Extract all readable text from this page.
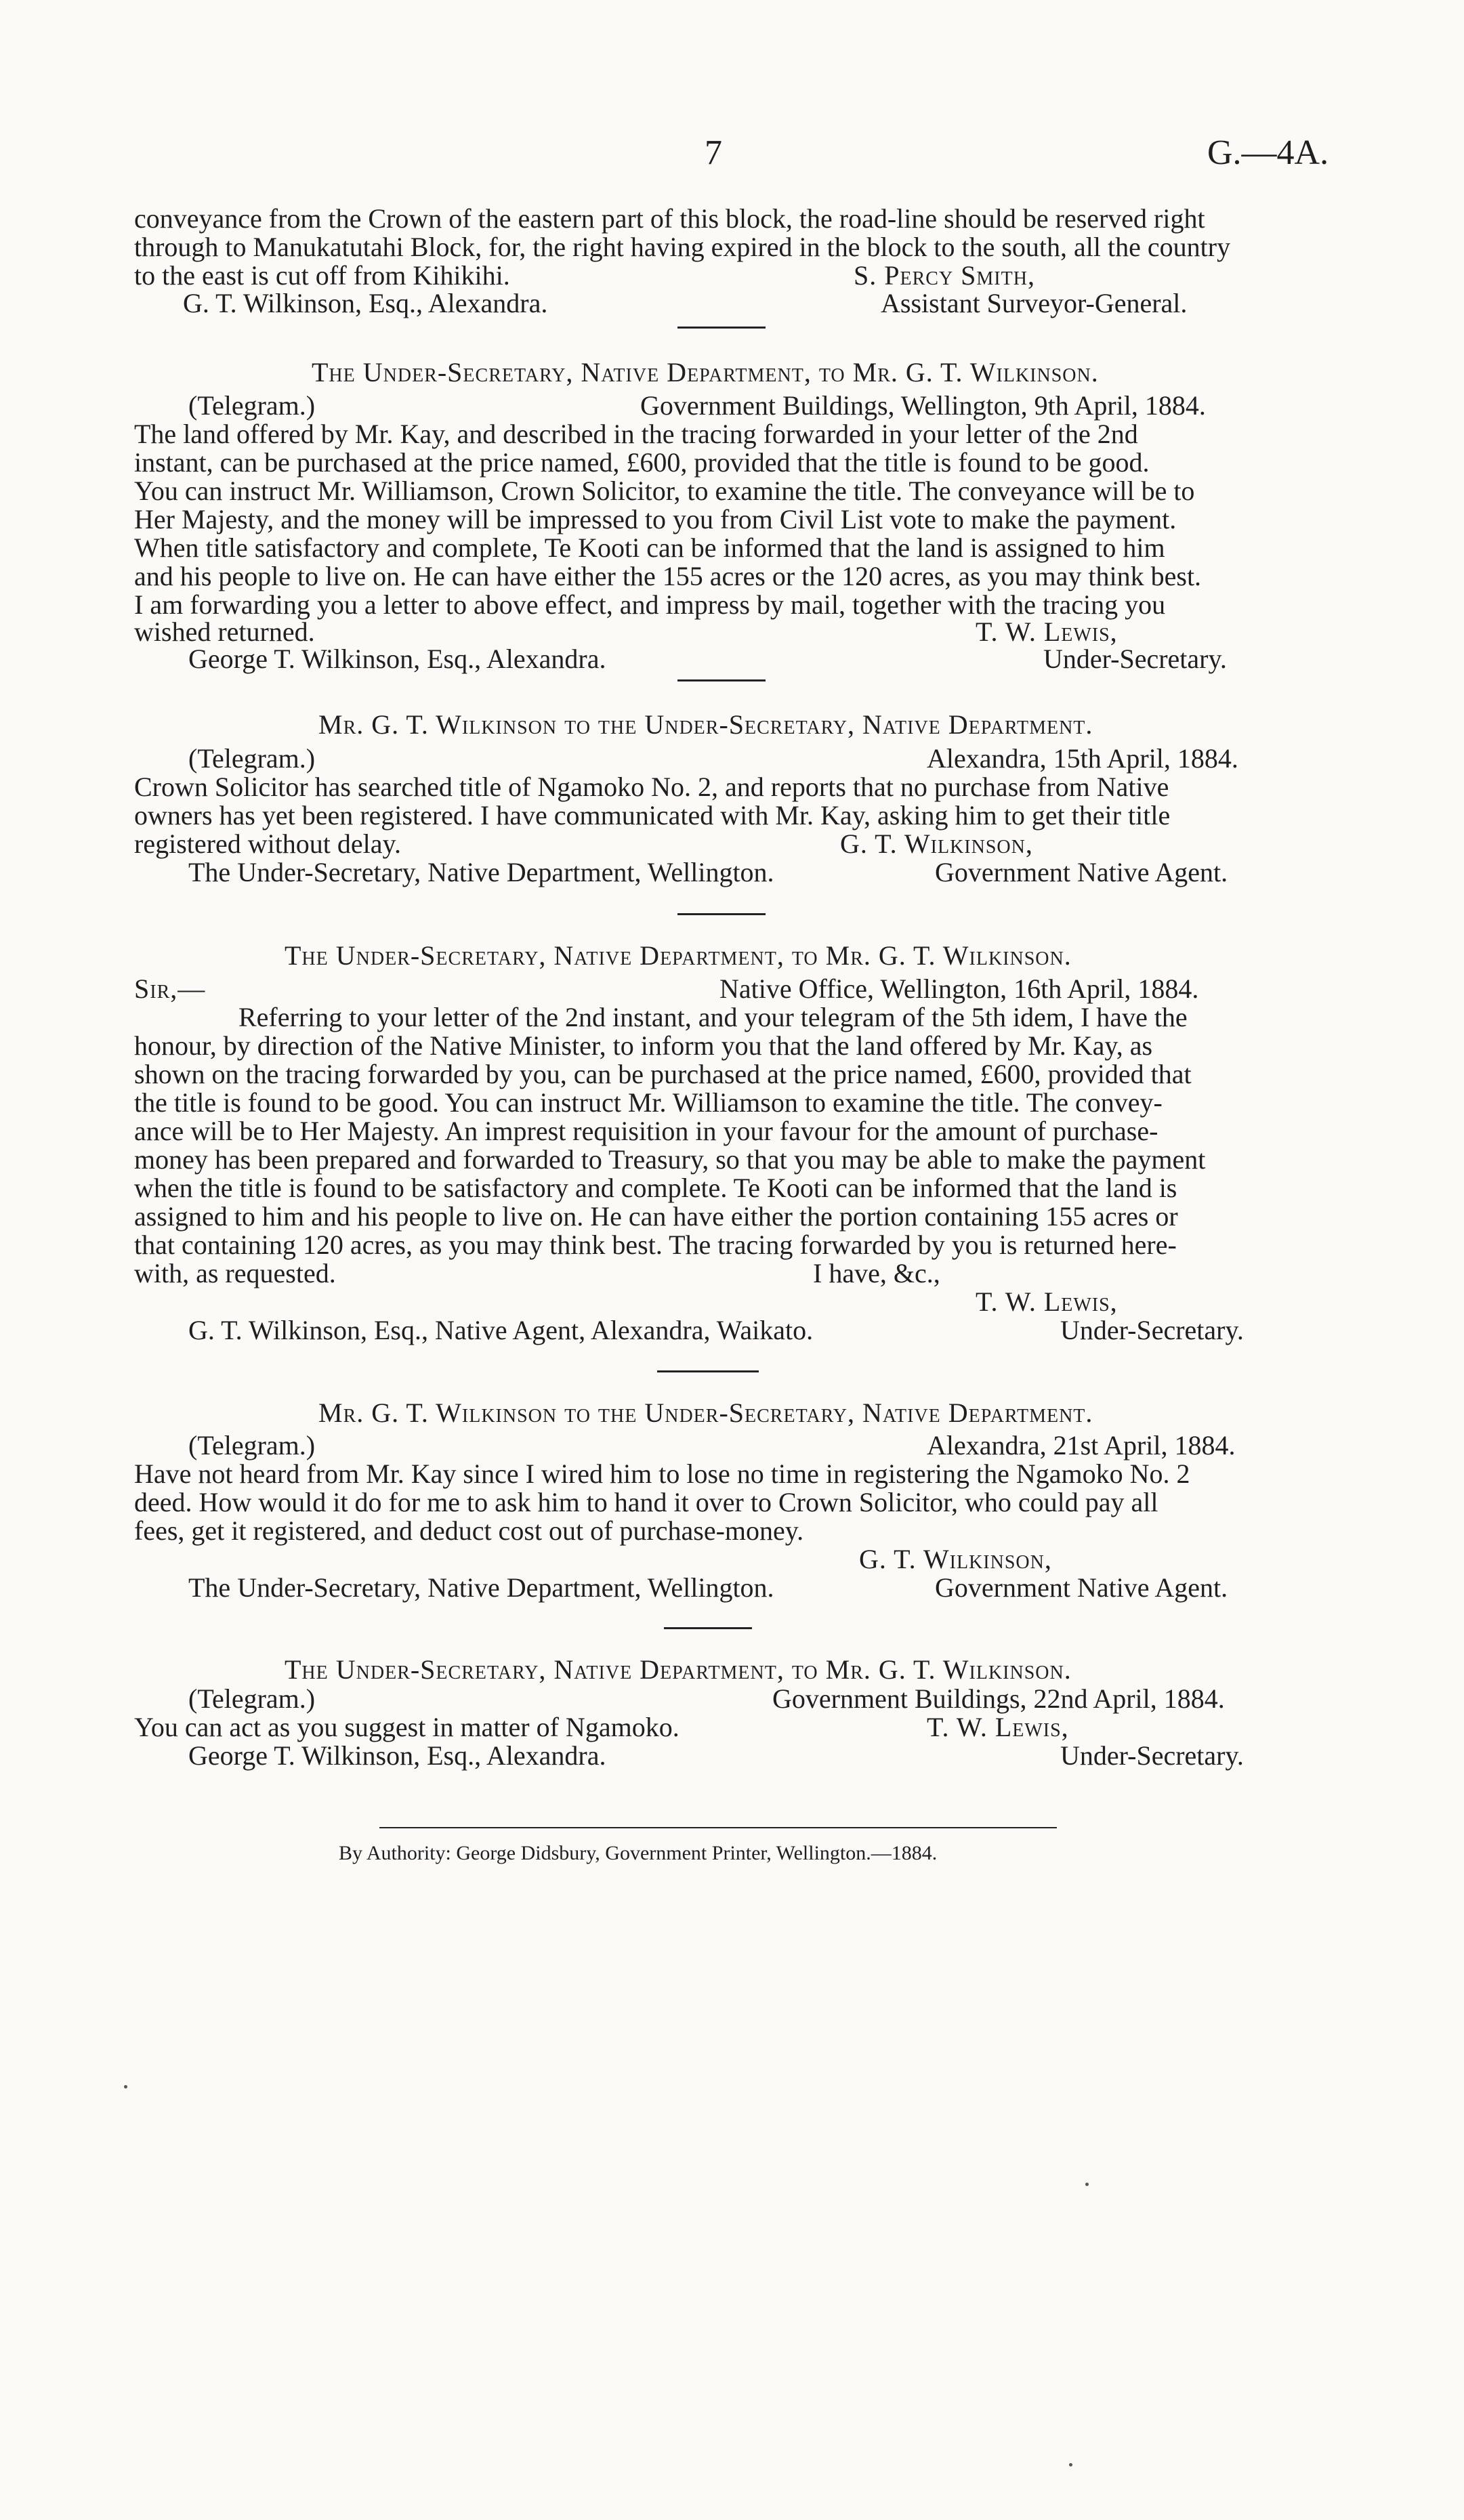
7	G.—4A.
conveyance from the Crown of the eastern part of this block, the road-line should be reserved right
through to Manukatutahi Block, for, the right having expired in the block to the south, all the country
to the east is cut off from Kihikihi.	S. Percy Smith,
G. T. Wilkinson, Esq., Alexandra.	Assistant Surveyor-General.
The Under-Secretary, Native Department, to Mr. G. T. Wilkinson.
(Telegram.)	Government Buildings, Wellington, 9th April, 1884.
The land offered by Mr. Kay, and described in the tracing forwarded in your letter of the 2nd
instant, can be purchased at the price named, £600, provided that the title is found to be good.
You can instruct Mr. Williamson, Crown Solicitor, to examine the title. The conveyance will be to
Her Majesty, and the money will be impressed to you from Civil List vote to make the payment.
When title satisfactory and complete, Te Kooti can be informed that the land is assigned to him
and his people to live on. He can have either the 155 acres or the 120 acres, as you may think best.
I am forwarding you a letter to above effect, and impress by mail, together with the tracing you
wished returned.	T. W. Lewis,
George T. Wilkinson, Esq., Alexandra.	Under-Secretary.
Mr. G. T. Wilkinson to the Under-Secretary, Native Department.
(Telegram.)	Alexandra, 15th April, 1884.
Crown Solicitor has searched title of Ngamoko No. 2, and reports that no purchase from Native
owners has yet been registered. I have communicated with Mr. Kay, asking him to get their title
registered without delay.	G. T. Wilkinson,
The Under-Secretary, Native Department, Wellington.	Government Native Agent.
The Under-Secretary, Native Department, to Mr. G. T. Wilkinson.
Sir,—	Native Office, Wellington, 16th April, 1884.
Referring to your letter of the 2nd instant, and your telegram of the 5th idem, I have the
honour, by direction of the Native Minister, to inform you that the land offered by Mr. Kay, as
shown on the tracing forwarded by you, can be purchased at the price named, £600, provided that
the title is found to be good. You can instruct Mr. Williamson to examine the title. The convey-
ance will be to Her Majesty. An imprest requisition in your favour for the amount of purchase-
money has been prepared and forwarded to Treasury, so that you may be able to make the payment
when the title is found to be satisfactory and complete. Te Kooti can be informed that the land is
assigned to him and his people to live on. He can have either the portion containing 155 acres or
that containing 120 acres, as you may think best. The tracing forwarded by you is returned here-
with, as requested.	I have, &c.,
T. W. Lewis,
G. T. Wilkinson, Esq., Native Agent, Alexandra, Waikato.	Under-Secretary.
Mr. G. T. Wilkinson to the Under-Secretary, Native Department.
(Telegram.)	Alexandra, 21st April, 1884.
Have not heard from Mr. Kay since I wired him to lose no time in registering the Ngamoko No. 2
deed. How would it do for me to ask him to hand it over to Crown Solicitor, who could pay all
fees, get it registered, and deduct cost out of purchase-money.
G. T. Wilkinson,
The Under-Secretary, Native Department, Wellington.	Government Native Agent.
The Under-Secretary, Native Department, to Mr. G. T. Wilkinson.
(Telegram.)	Government Buildings, 22nd April, 1884.
You can act as you suggest in matter of Ngamoko.	T. W. Lewis,
George T. Wilkinson, Esq., Alexandra.	Under-Secretary.
By Authority: George Didsbury, Government Printer, Wellington.—1884.
